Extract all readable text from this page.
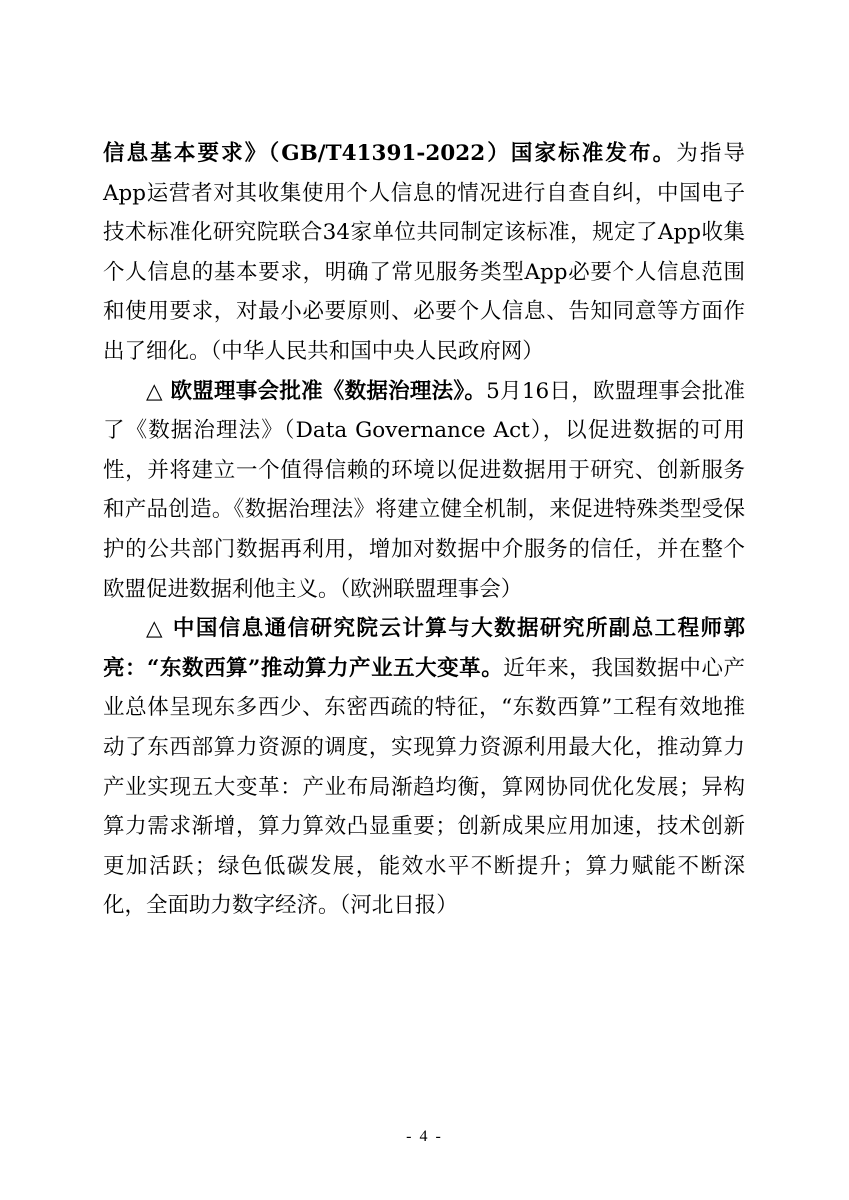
信息基本要求》（GB/T41391-2022）国家标准发布。为指导App运营者对其收集使用个人信息的情况进行自查自纠，中国电子技术标准化研究院联合34家单位共同制定该标准，规定了App收集个人信息的基本要求，明确了常见服务类型App必要个人信息范围和使用要求，对最小必要原则、必要个人信息、告知同意等方面作出了细化。（中华人民共和国中央人民政府网）

△ 欧盟理事会批准《数据治理法》。5月16日，欧盟理事会批准了《数据治理法》（Data Governance Act），以促进数据的可用性，并将建立一个值得信赖的环境以促进数据用于研究、创新服务和产品创造。《数据治理法》将建立健全机制，来促进特殊类型受保护的公共部门数据再利用，增加对数据中介服务的信任，并在整个欧盟促进数据利他主义。（欧洲联盟理事会）

△ 中国信息通信研究院云计算与大数据研究所副总工程师郭亮：“东数西算”推动算力产业五大变革。近年来，我国数据中心产业总体呈现东多西少、东密西疏的特征，“东数西算”工程有效地推动了东西部算力资源的调度，实现算力资源利用最大化，推动算力产业实现五大变革：产业布局渐趋均衡，算网协同优化发展；异构算力需求渐增，算力算效凸显重要；创新成果应用加速，技术创新更加活跃；绿色低碳发展，能效水平不断提升；算力赋能不断深化，全面助力数字经济。（河北日报）

- 4 -
